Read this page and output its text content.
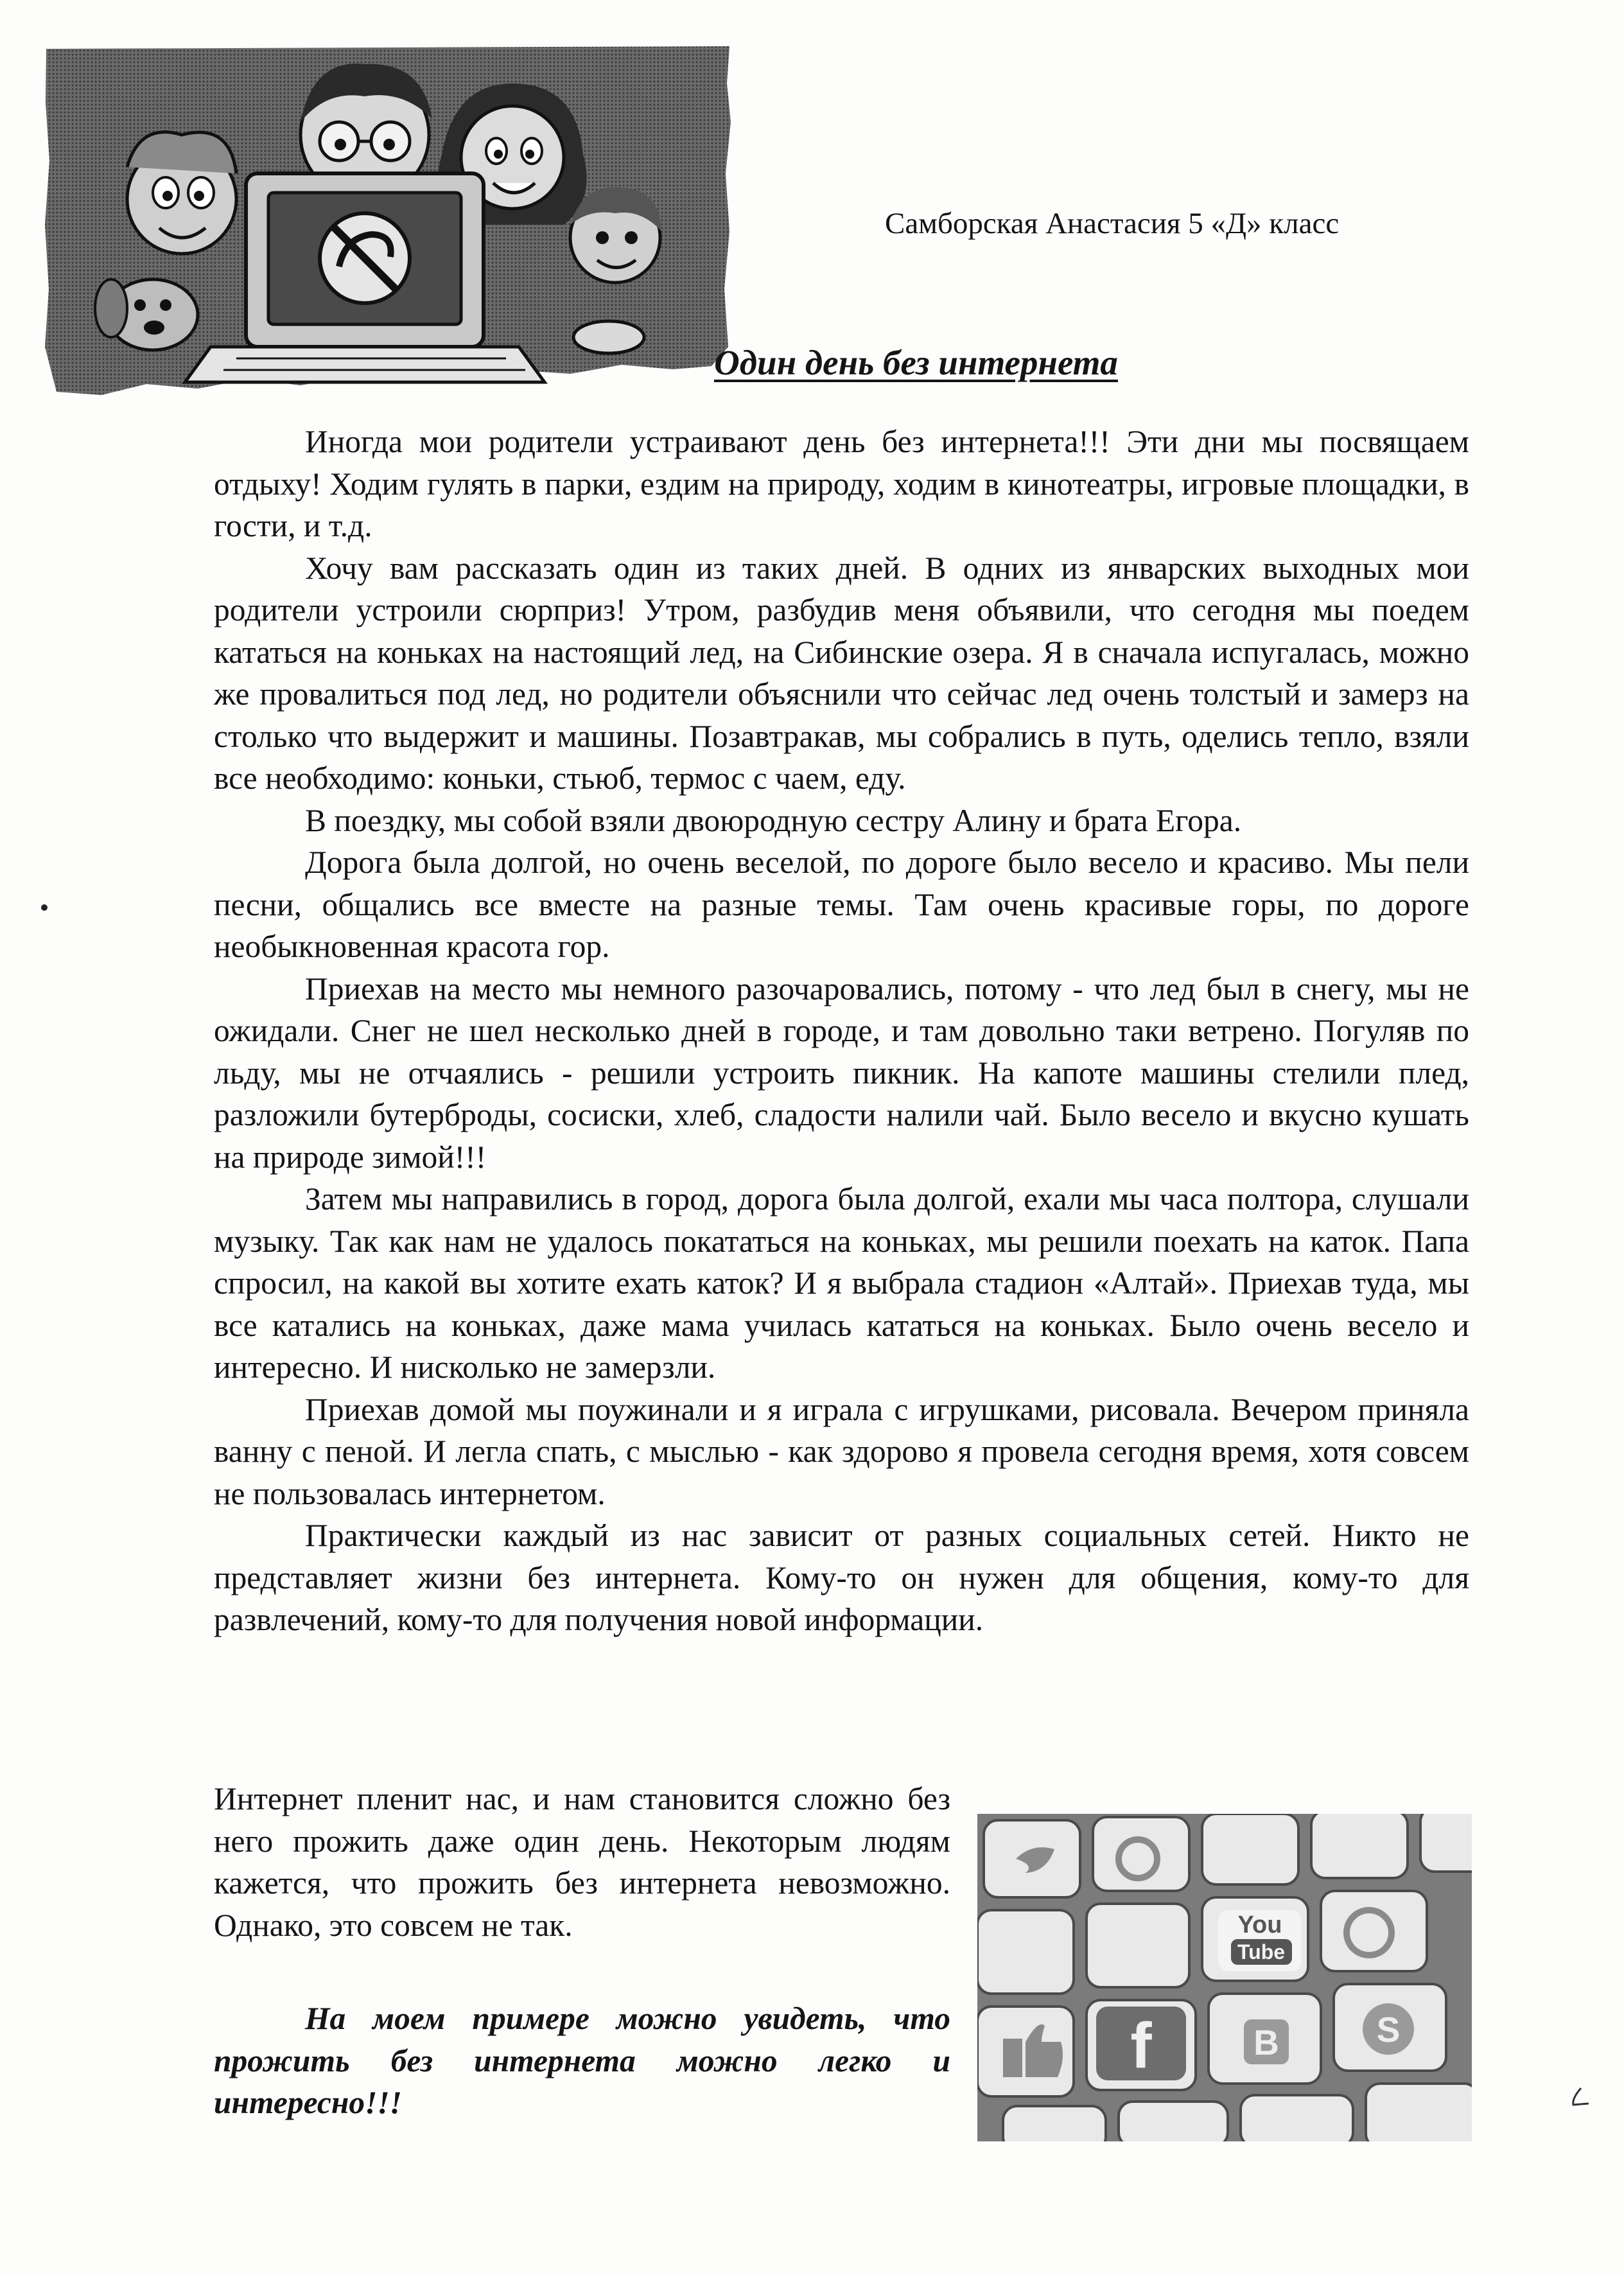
Самборская Анастасия 5 «Д» класс
Один день без интернета

Иногда мои родители устраивают день без интернета!!! Эти дни мы посвящаем отдыху! Ходим гулять в парки, ездим на природу, ходим в кинотеатры, игровые площадки, в гости, и т.д.

Хочу вам рассказать один из таких дней. В одних из январских выходных мои родители устроили сюрприз! Утром, разбудив меня объявили, что сегодня мы поедем кататься на коньках на настоящий лед, на Сибинские озера. Я в сначала испугалась, можно же провалиться под лед, но родители объяснили что сейчас лед очень толстый и замерз на столько что выдержит и машины. Позавтракав, мы собрались в путь, оделись тепло, взяли все необходимо: коньки, стьюб, термос с чаем, еду.

В поездку, мы собой взяли двоюродную сестру Алину и брата Егора.

Дорога была долгой, но очень веселой, по дороге было весело и красиво. Мы пели песни, общались все вместе на разные темы. Там очень красивые горы, по дороге необыкновенная красота гор.

Приехав на место мы немного разочаровались, потому - что лед был в снегу, мы не ожидали. Снег не шел несколько дней в городе, и там довольно таки ветрено. Погуляв по льду, мы не отчаялись - решили устроить пикник. На капоте машины стелили плед, разложили бутерброды, сосиски, хлеб, сладости налили чай. Было весело и вкусно кушать на природе зимой!!!

Затем мы направились в город, дорога была долгой, ехали мы часа полтора, слушали музыку. Так как нам не удалось покататься на коньках, мы решили поехать на каток. Папа спросил, на какой вы хотите ехать каток? И я выбрала стадион «Алтай». Приехав туда, мы все катались на коньках, даже мама училась кататься на коньках. Было очень весело и интересно. И нисколько не замерзли.

Приехав домой мы поужинали и я играла с игрушками, рисовала. Вечером приняла ванну с пеной. И легла спать, с мыслью - как здорово я провела сегодня время, хотя совсем не пользовалась интернетом.

Практически каждый из нас зависит от разных социальных сетей. Никто не представляет жизни без интернета. Кому-то он нужен для общения, кому-то для развлечений, кому-то для получения новой информации.

Интернет пленит нас, и нам становится сложно без него прожить даже один день. Некоторым людям кажется, что прожить без интернета невозможно. Однако, это совсем не так.

На моем примере можно увидеть, что прожить без интернета можно легко и интересно!!!
f
You
Tube
S
B
